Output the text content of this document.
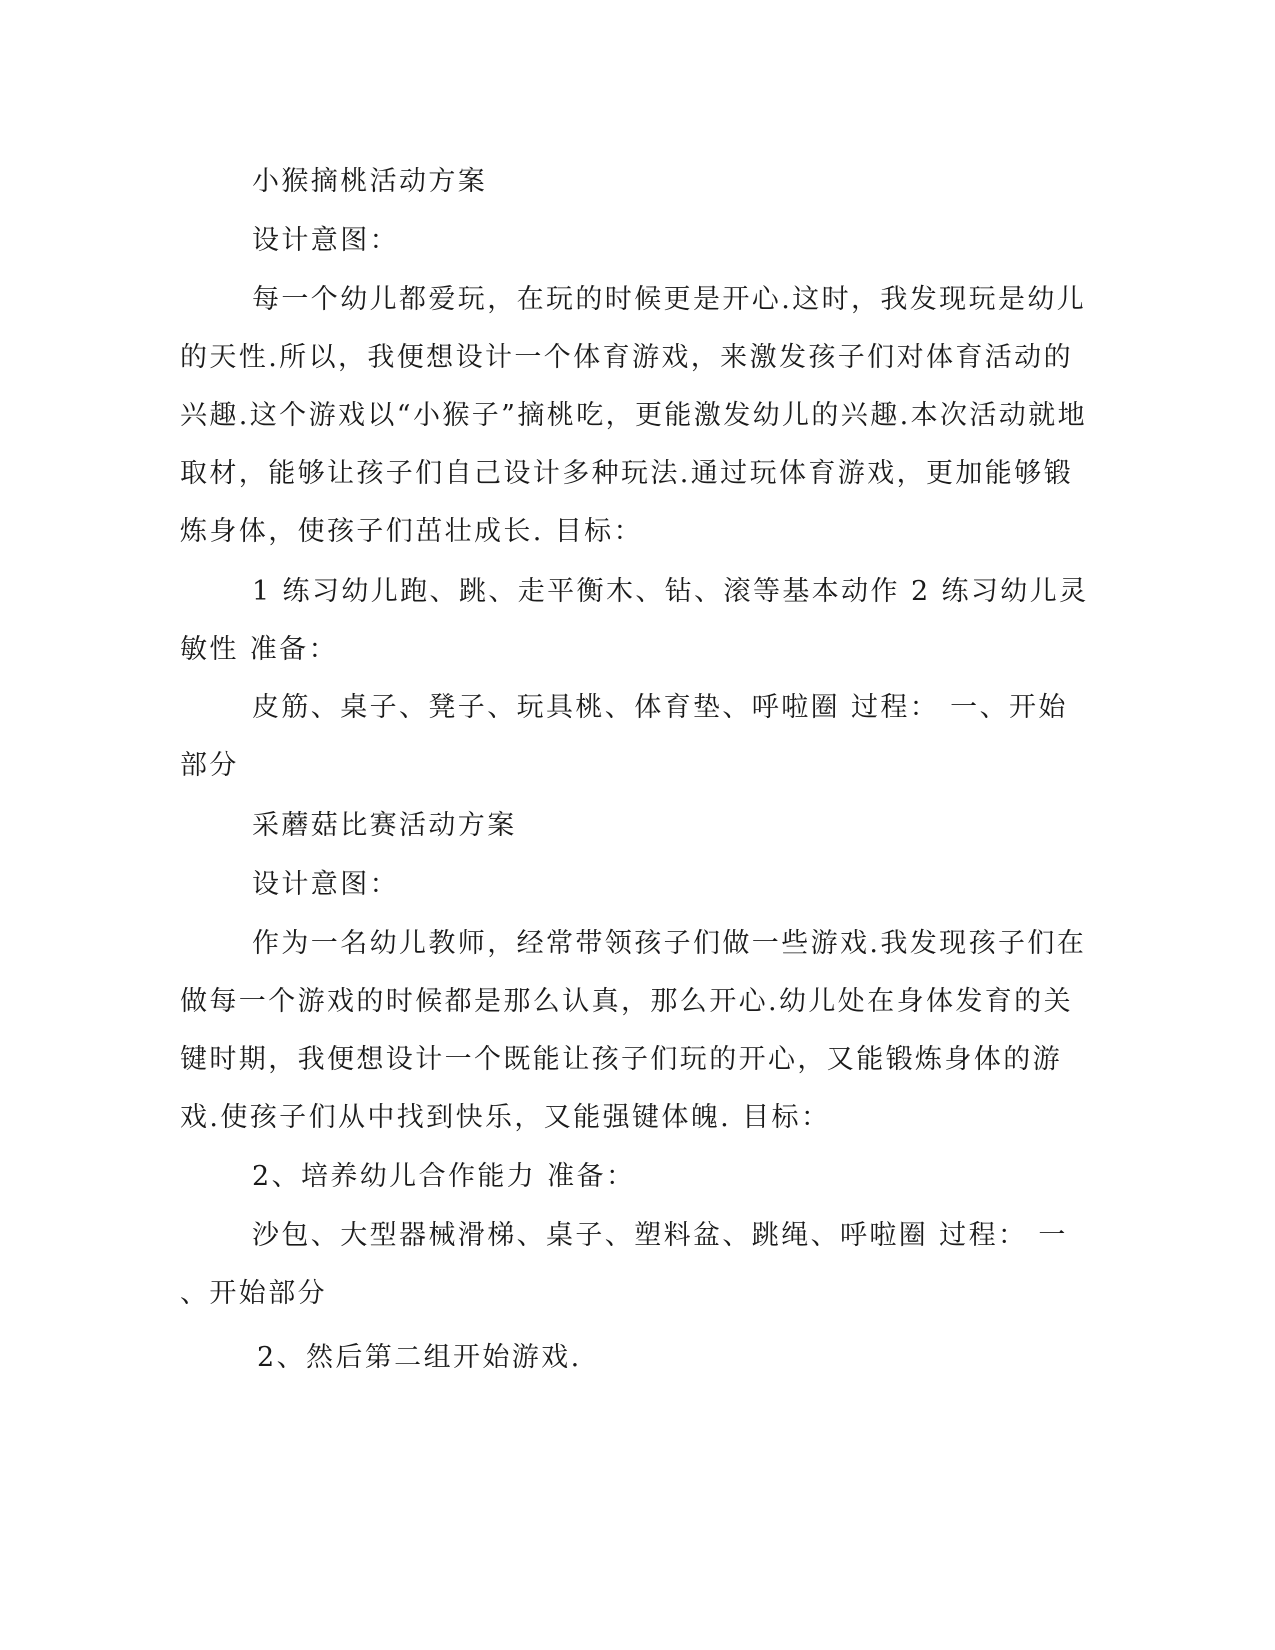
小猴摘桃活动方案

设计意图：

每一个幼儿都爱玩，在玩的时候更是开心.这时，我发现玩是幼儿

的天性.所以，我便想设计一个体育游戏，来激发孩子们对体育活动的

兴趣.这个游戏以“小猴子”摘桃吃，更能激发幼儿的兴趣.本次活动就地

取材，能够让孩子们自己设计多种玩法.通过玩体育游戏，更加能够锻

炼身体，使孩子们茁壮成长. 目标：

1 练习幼儿跑、跳、走平衡木、钻、滚等基本动作 2 练习幼儿灵

敏性 准备：

皮筋、桌子、凳子、玩具桃、体育垫、呼啦圈 过程： 一、开始

部分

采蘑菇比赛活动方案

设计意图：

作为一名幼儿教师，经常带领孩子们做一些游戏.我发现孩子们在

做每一个游戏的时候都是那么认真，那么开心.幼儿处在身体发育的关

键时期，我便想设计一个既能让孩子们玩的开心，又能锻炼身体的游

戏.使孩子们从中找到快乐，又能强键体魄. 目标：

2、培养幼儿合作能力 准备：

沙包、大型器械滑梯、桌子、塑料盆、跳绳、呼啦圈 过程： 一

、开始部分

2、然后第二组开始游戏.
